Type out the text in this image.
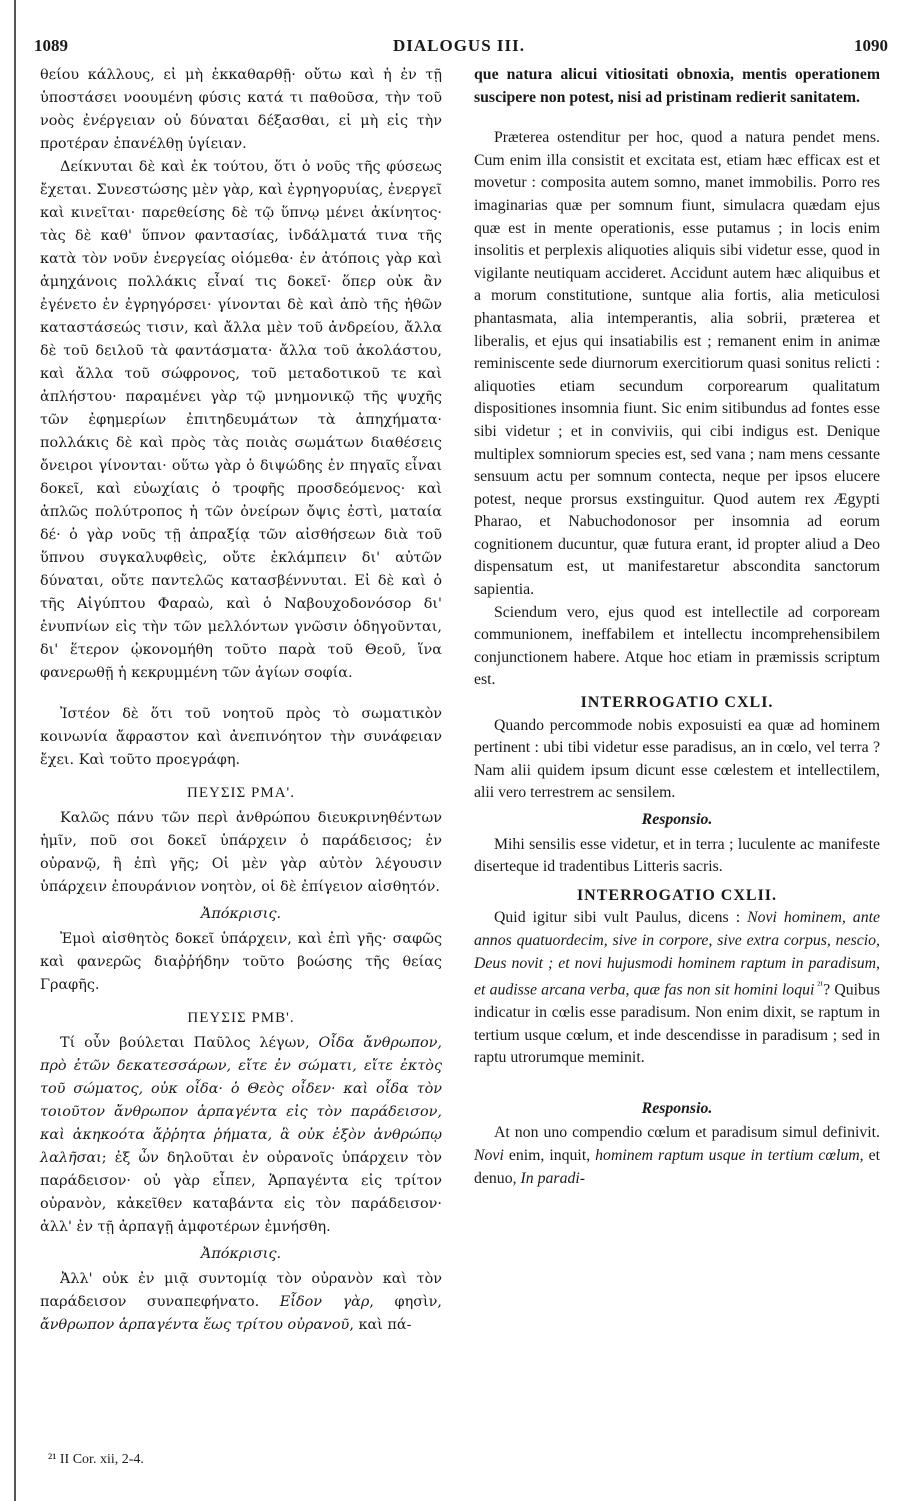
1089	DIALOGUS III.	1090

θείου κάλλους, εἰ μὴ ἐκκαθαρθῇ· οὔτω καὶ ἡ ἐν τῇ ὑποστάσει νοουμένη φύσις κατά τι παθοῦσα, τὴν τοῦ νοὸς ἐνέργειαν οὐ δύναται δέξασθαι, εἰ μὴ εἰς τὴν προτέραν ἐπανέλθῃ ὑγίειαν.

Δείκνυται δὲ καὶ ἐκ τούτου, ὅτι ὁ νοῦς τῆς φύσεως ἔχεται. Συνεστώσης μὲν γὰρ, καὶ ἐγρηγορυίας, ἐνεργεῖ καὶ κινεῖται· παρεθείσης δὲ τῷ ὕπνῳ μένει ἀκίνητος· τὰς δὲ καθ' ὕπνον φαντασίας, ἰνδάλματά τινα τῆς κατὰ τὸν νοῦν ἐνεργείας οἰόμεθα· ἐν ἀτόποις γὰρ καὶ ἀμηχάνοις πολλάκις εἶναί τις δοκεῖ· ὅπερ οὐκ ἂν ἐγένετο ἐν ἐγρηγόρσει· γίνονται δὲ καὶ ἀπὸ τῆς ἠθῶν καταστάσεώς τισιν, καὶ ἄλλα μὲν τοῦ ἀνδρείου, ἄλλα δὲ τοῦ δειλοῦ τὰ φαντάσματα· ἄλλα τοῦ ἀκολάστου, καὶ ἄλλα τοῦ σώφρονος, τοῦ μεταδοτικοῦ τε καὶ ἀπλήστου· παραμένει γὰρ τῷ μνημονικῷ τῆς ψυχῆς τῶν ἐφημερίων ἐπιτηδευμάτων τὰ ἀπηχήματα· πολλάκις δὲ καὶ πρὸς τὰς ποιὰς σωμάτων διαθέσεις ὄνειροι γίνονται· οὕτω γὰρ ὁ διψώδης ἐν πηγαῖς εἶναι δοκεῖ, καὶ εὐωχίαις ὁ τροφῆς προσδεόμενος· καὶ ἁπλῶς πολύτροπος ἡ τῶν ὀνείρων ὄψις ἐστὶ, ματαία δέ· ὁ γὰρ νοῦς τῇ ἀπραξίᾳ τῶν αἰσθήσεων διὰ τοῦ ὕπνου συγκαλυφθεὶς, οὔτε ἐκλάμπειν δι' αὐτῶν δύναται, οὔτε παντελῶς κατασβέννυται. Εἰ δὲ καὶ ὁ τῆς Αἰγύπτου Φαραὼ, καὶ ὁ Ναβουχοδονόσορ δι' ἐνυπνίων εἰς τὴν τῶν μελλόντων γνῶσιν ὁδηγοῦνται, δι' ἕτερον ᾠκονομήθη τοῦτο παρὰ τοῦ Θεοῦ, ἵνα φανερωθῇ ἡ κεκρυμμένη τῶν ἁγίων σοφία.

Ἰστέον δὲ ὅτι τοῦ νοητοῦ πρὸς τὸ σωματικὸν κοινωνία ἄφραστον καὶ ἀνεπινόητον τὴν συνάφειαν ἔχει. Καὶ τοῦτο προεγράφη.

ΠΕΥΣΙΣ ΡΜΑ'.

Καλῶς πάνυ τῶν περὶ ἀνθρώπου διευκρινηθέντων ἡμῖν, ποῦ σοι δοκεῖ ὑπάρχειν ὁ παράδεισος; ἐν οὐρανῷ, ἢ ἐπὶ γῆς; Οἱ μὲν γὰρ αὐτὸν λέγουσιν ὑπάρχειν ἐπουράνιον νοητὸν, οἱ δὲ ἐπίγειον αἰσθητόν.

Ἀπόκρισις.

Ἐμοὶ αἰσθητὸς δοκεῖ ὑπάρχειν, καὶ ἐπὶ γῆς· σαφῶς καὶ φανερῶς διαῤῥήδην τοῦτο βοώσης τῆς θείας Γραφῆς.

ΠΕΥΣΙΣ ΡΜΒ'.

Τί οὖν βούλεται Παῦλος λέγων, Οἶδα ἄνθρωπον, πρὸ ἐτῶν δεκατεσσάρων, εἴτε ἐν σώματι, εἴτε ἐκτὸς τοῦ σώματος, οὐκ οἶδα· ὁ Θεὸς οἶδεν· καὶ οἶδα τὸν τοιοῦτον ἄνθρωπον ἁρπαγέντα εἰς τὸν παράδεισον, καὶ ἀκηκοότα ἄῤῥητα ῥήματα, ἃ οὐκ ἐξὸν ἀνθρώπῳ λαλῆσαι; ἐξ ὧν δηλοῦται ἐν οὐρανοῖς ὑπάρχειν τὸν παράδεισον· οὐ γὰρ εἶπεν, Ἁρπαγέντα εἰς τρίτον οὐρανὸν, κἀκεῖθεν καταβάντα εἰς τὸν παράδεισον· ἀλλ' ἐν τῇ ἁρπαγῇ ἀμφοτέρων ἐμνήσθη.

Ἀπόκρισις.

Ἀλλ' οὐκ ἐν μιᾷ συντομίᾳ τὸν οὐρανὸν καὶ τὸν παράδεισον συναπεφήνατο. Εἶδον γὰρ, φησὶν, ἄνθρωπον ἁρπαγέντα ἕως τρίτου οὐρανοῦ, καὶ πά-

que natura alicui vitiositati obnoxia, mentis operationem suscipere non potest, nisi ad pristinam redierit sanitatem.

Præterea ostenditur per hoc, quod a natura pendet mens. Cum enim illa consistit et excitata est, etiam hæc efficax est et movetur : composita autem somno, manet immobilis. Porro res imaginarias quæ per somnum fiunt, simulacra quædam ejus quæ est in mente operationis, esse putamus ; in locis enim insolitis et perplexis aliquoties aliquis sibi videtur esse, quod in vigilante neutiquam accideret. Accidunt autem hæc aliquibus et a morum constitutione, suntque alia fortis, alia meticulosi phantasmata, alia intemperantis, alia sobrii, præterea et liberalis, et ejus qui insatiabilis est ; remanent enim in animæ reminiscente sede diurnorum exercitiorum quasi sonitus relicti : aliquoties etiam secundum corporearum qualitatum dispositiones insomnia fiunt. Sic enim sitibundus ad fontes esse sibi videtur ; et in conviviis, qui cibi indigus est. Denique multiplex somniorum species est, sed vana ; nam mens cessante sensuum actu per somnum contecta, neque per ipsos elucere potest, neque prorsus exstinguitur. Quod autem rex Ægypti Pharao, et Nabuchodonosor per insomnia ad eorum cognitionem ducuntur, quæ futura erant, id propter aliud a Deo dispensatum est, ut manifestaretur abscondita sanctorum sapientia.

Sciendum vero, ejus quod est intellectile ad corpoream communionem, ineffabilem et intellectu incomprehensibilem conjunctionem habere. Atque hoc etiam in præmissis scriptum est.

INTERROGATIO CXLI.

Quando percommode nobis exposuisti ea quæ ad hominem pertinent : ubi tibi videtur esse paradisus, an in cœlo, vel terra ? Nam alii quidem ipsum dicunt esse cœlestem et intellectilem, alii vero terrestrem ac sensilem.

Responsio.

Mihi sensilis esse videtur, et in terra ; luculente ac manifeste diserteque id tradentibus Litteris sacris.

INTERROGATIO CXLII.

Quid igitur sibi vult Paulus, dicens : Novi hominem, ante annos quatuordecim, sive in corpore, sive extra corpus, nescio, Deus novit ; et novi hujusmodi hominem raptum in paradisum, et audisse arcana verba, quæ fas non sit homini loqui $^{^{21}}$? Quibus indicatur in cœlis esse paradisum. Non enim dixit, se raptum in tertium usque cœlum, et inde descendisse in paradisum ; sed in raptu utrorumque meminit.

Responsio.

At non uno compendio cœlum et paradisum simul definivit. Novi enim, inquit, hominem raptum usque in tertium cœlum, et denuo, In paradi-

²¹ II Cor. xii, 2-4.
